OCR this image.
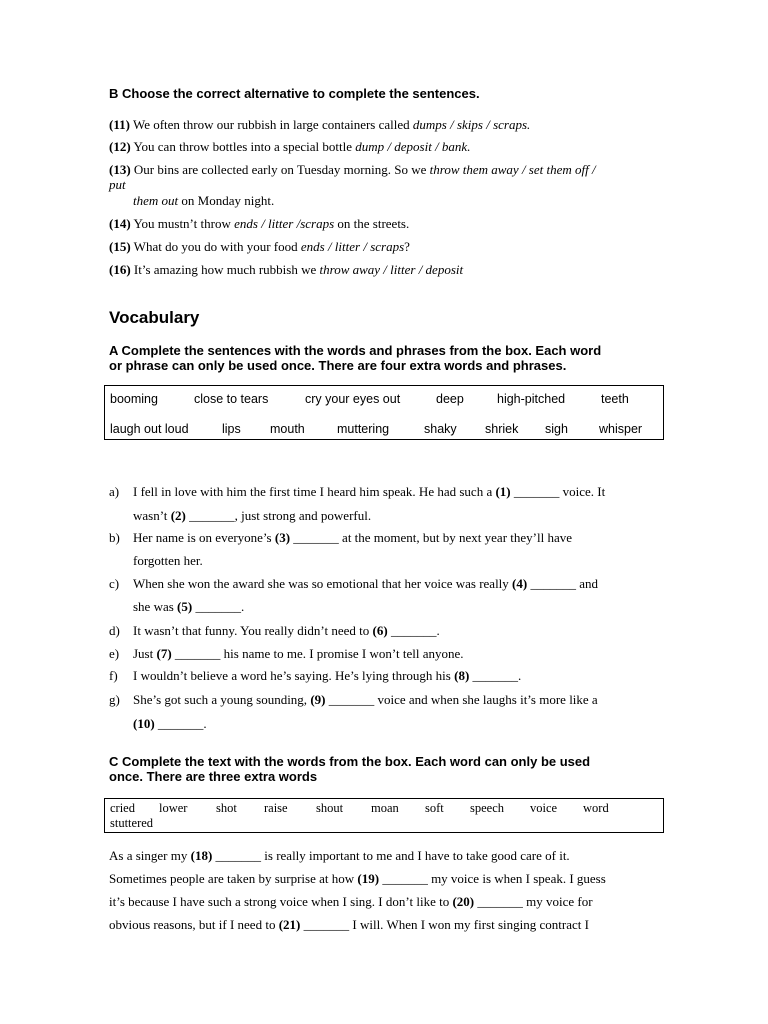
B Choose the correct alternative to complete the sentences.
(11) We often throw our rubbish in large containers called dumps / skips / scraps.
(12) You can throw bottles into a special bottle dump / deposit / bank.
(13) Our bins are collected early on Tuesday morning. So we throw them away / set them off /
put
them out on Monday night.
(14) You mustn’t throw ends / litter /scraps on the streets.
(15) What do you do with your food ends / litter / scraps?
(16) It’s amazing how much rubbish we throw away / litter / deposit
Vocabulary
A Complete the sentences with the words and phrases from the box. Each word
or phrase can only be used once. There are four extra words and phrases.
booming	close to tears	cry your eyes out	deep	high-pitched	teeth
laugh out loud	lips mouth	muttering	shaky shriek sigh whisper
a) I fell in love with him the first time I heard him speak. He had such a (1) _______ voice. It
wasn’t (2) _______, just strong and powerful.
b) Her name is on everyone’s (3) _______ at the moment, but by next year they’ll have
forgotten her.
c) When she won the award she was so emotional that her voice was really (4) _______ and
she was (5) _______.
d) It wasn’t that funny. You really didn’t need to (6) _______.
e) Just (7) _______ his name to me. I promise I won’t tell anyone.
f) I wouldn’t believe a word he’s saying. He’s lying through his (8) _______.
g) She’s got such a young sounding, (9) _______ voice and when she laughs it’s more like a
(10) _______.
C Complete the text with the words from the box. Each word can only be used
once. There are three extra words
cried lower shot raise shout moan soft speech voice word
stuttered
As a singer my (18) _______ is really important to me and I have to take good care of it.
Sometimes people are taken by surprise at how (19) _______ my voice is when I speak. I guess
it’s because I have such a strong voice when I sing. I don’t like to (20) _______ my voice for
obvious reasons, but if I need to (21) _______ I will. When I won my first singing contract I
